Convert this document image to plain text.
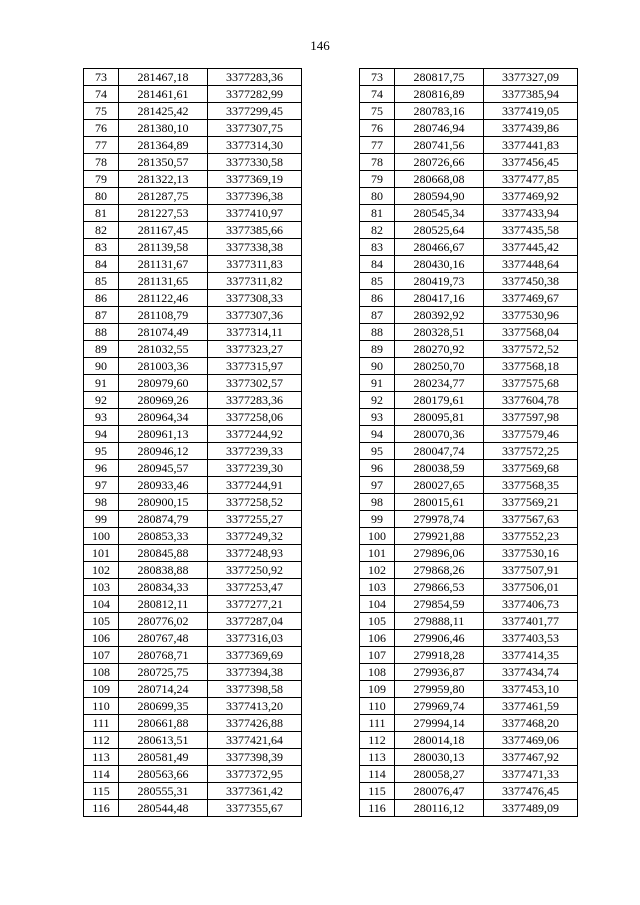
146
73	281467,18	3377283,36
74	281461,61	3377282,99
75	281425,42	3377299,45
76	281380,10	3377307,75
77	281364,89	3377314,30
78	281350,57	3377330,58
79	281322,13	3377369,19
80	281287,75	3377396,38
81	281227,53	3377410,97
82	281167,45	3377385,66
83	281139,58	3377338,38
84	281131,67	3377311,83
85	281131,65	3377311,82
86	281122,46	3377308,33
87	281108,79	3377307,36
88	281074,49	3377314,11
89	281032,55	3377323,27
90	281003,36	3377315,97
91	280979,60	3377302,57
92	280969,26	3377283,36
93	280964,34	3377258,06
94	280961,13	3377244,92
95	280946,12	3377239,33
96	280945,57	3377239,30
97	280933,46	3377244,91
98	280900,15	3377258,52
99	280874,79	3377255,27
100	280853,33	3377249,32
101	280845,88	3377248,93
102	280838,88	3377250,92
103	280834,33	3377253,47
104	280812,11	3377277,21
105	280776,02	3377287,04
106	280767,48	3377316,03
107	280768,71	3377369,69
108	280725,75	3377394,38
109	280714,24	3377398,58
110	280699,35	3377413,20
111	280661,88	3377426,88
112	280613,51	3377421,64
113	280581,49	3377398,39
114	280563,66	3377372,95
115	280555,31	3377361,42
116	280544,48	3377355,67
73	280817,75	3377327,09
74	280816,89	3377385,94
75	280783,16	3377419,05
76	280746,94	3377439,86
77	280741,56	3377441,83
78	280726,66	3377456,45
79	280668,08	3377477,85
80	280594,90	3377469,92
81	280545,34	3377433,94
82	280525,64	3377435,58
83	280466,67	3377445,42
84	280430,16	3377448,64
85	280419,73	3377450,38
86	280417,16	3377469,67
87	280392,92	3377530,96
88	280328,51	3377568,04
89	280270,92	3377572,52
90	280250,70	3377568,18
91	280234,77	3377575,68
92	280179,61	3377604,78
93	280095,81	3377597,98
94	280070,36	3377579,46
95	280047,74	3377572,25
96	280038,59	3377569,68
97	280027,65	3377568,35
98	280015,61	3377569,21
99	279978,74	3377567,63
100	279921,88	3377552,23
101	279896,06	3377530,16
102	279868,26	3377507,91
103	279866,53	3377506,01
104	279854,59	3377406,73
105	279888,11	3377401,77
106	279906,46	3377403,53
107	279918,28	3377414,35
108	279936,87	3377434,74
109	279959,80	3377453,10
110	279969,74	3377461,59
111	279994,14	3377468,20
112	280014,18	3377469,06
113	280030,13	3377467,92
114	280058,27	3377471,33
115	280076,47	3377476,45
116	280116,12	3377489,09
